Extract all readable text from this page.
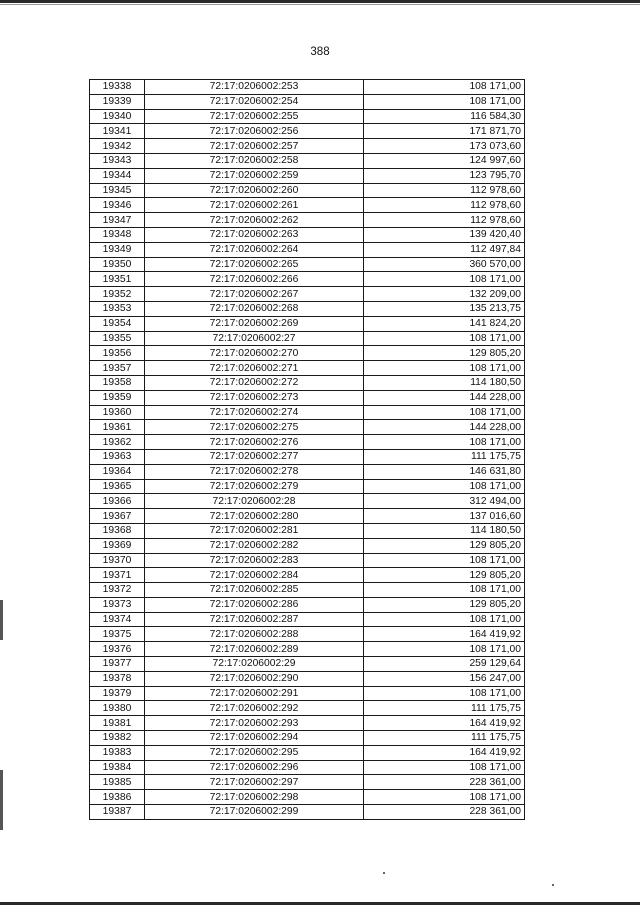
388
19338	72:17:0206002:253	108 171,00
19339	72:17:0206002:254	108 171,00
19340	72:17:0206002:255	116 584,30
19341	72:17:0206002:256	171 871,70
19342	72:17:0206002:257	173 073,60
19343	72:17:0206002:258	124 997,60
19344	72:17:0206002:259	123 795,70
19345	72:17:0206002:260	112 978,60
19346	72:17:0206002:261	112 978,60
19347	72:17:0206002:262	112 978,60
19348	72:17:0206002:263	139 420,40
19349	72:17:0206002:264	112 497,84
19350	72:17:0206002:265	360 570,00
19351	72:17:0206002:266	108 171,00
19352	72:17:0206002:267	132 209,00
19353	72:17:0206002:268	135 213,75
19354	72:17:0206002:269	141 824,20
19355	72:17:0206002:27	108 171,00
19356	72:17:0206002:270	129 805,20
19357	72:17:0206002:271	108 171,00
19358	72:17:0206002:272	114 180,50
19359	72:17:0206002:273	144 228,00
19360	72:17:0206002:274	108 171,00
19361	72:17:0206002:275	144 228,00
19362	72:17:0206002:276	108 171,00
19363	72:17:0206002:277	111 175,75
19364	72:17:0206002:278	146 631,80
19365	72:17:0206002:279	108 171,00
19366	72:17:0206002:28	312 494,00
19367	72:17:0206002:280	137 016,60
19368	72:17:0206002:281	114 180,50
19369	72:17:0206002:282	129 805,20
19370	72:17:0206002:283	108 171,00
19371	72:17:0206002:284	129 805,20
19372	72:17:0206002:285	108 171,00
19373	72:17:0206002:286	129 805,20
19374	72:17:0206002:287	108 171,00
19375	72:17:0206002:288	164 419,92
19376	72:17:0206002:289	108 171,00
19377	72:17:0206002:29	259 129,64
19378	72:17:0206002:290	156 247,00
19379	72:17:0206002:291	108 171,00
19380	72:17:0206002:292	111 175,75
19381	72:17:0206002:293	164 419,92
19382	72:17:0206002:294	111 175,75
19383	72:17:0206002:295	164 419,92
19384	72:17:0206002:296	108 171,00
19385	72:17:0206002:297	228 361,00
19386	72:17:0206002:298	108 171,00
19387	72:17:0206002:299	228 361,00
